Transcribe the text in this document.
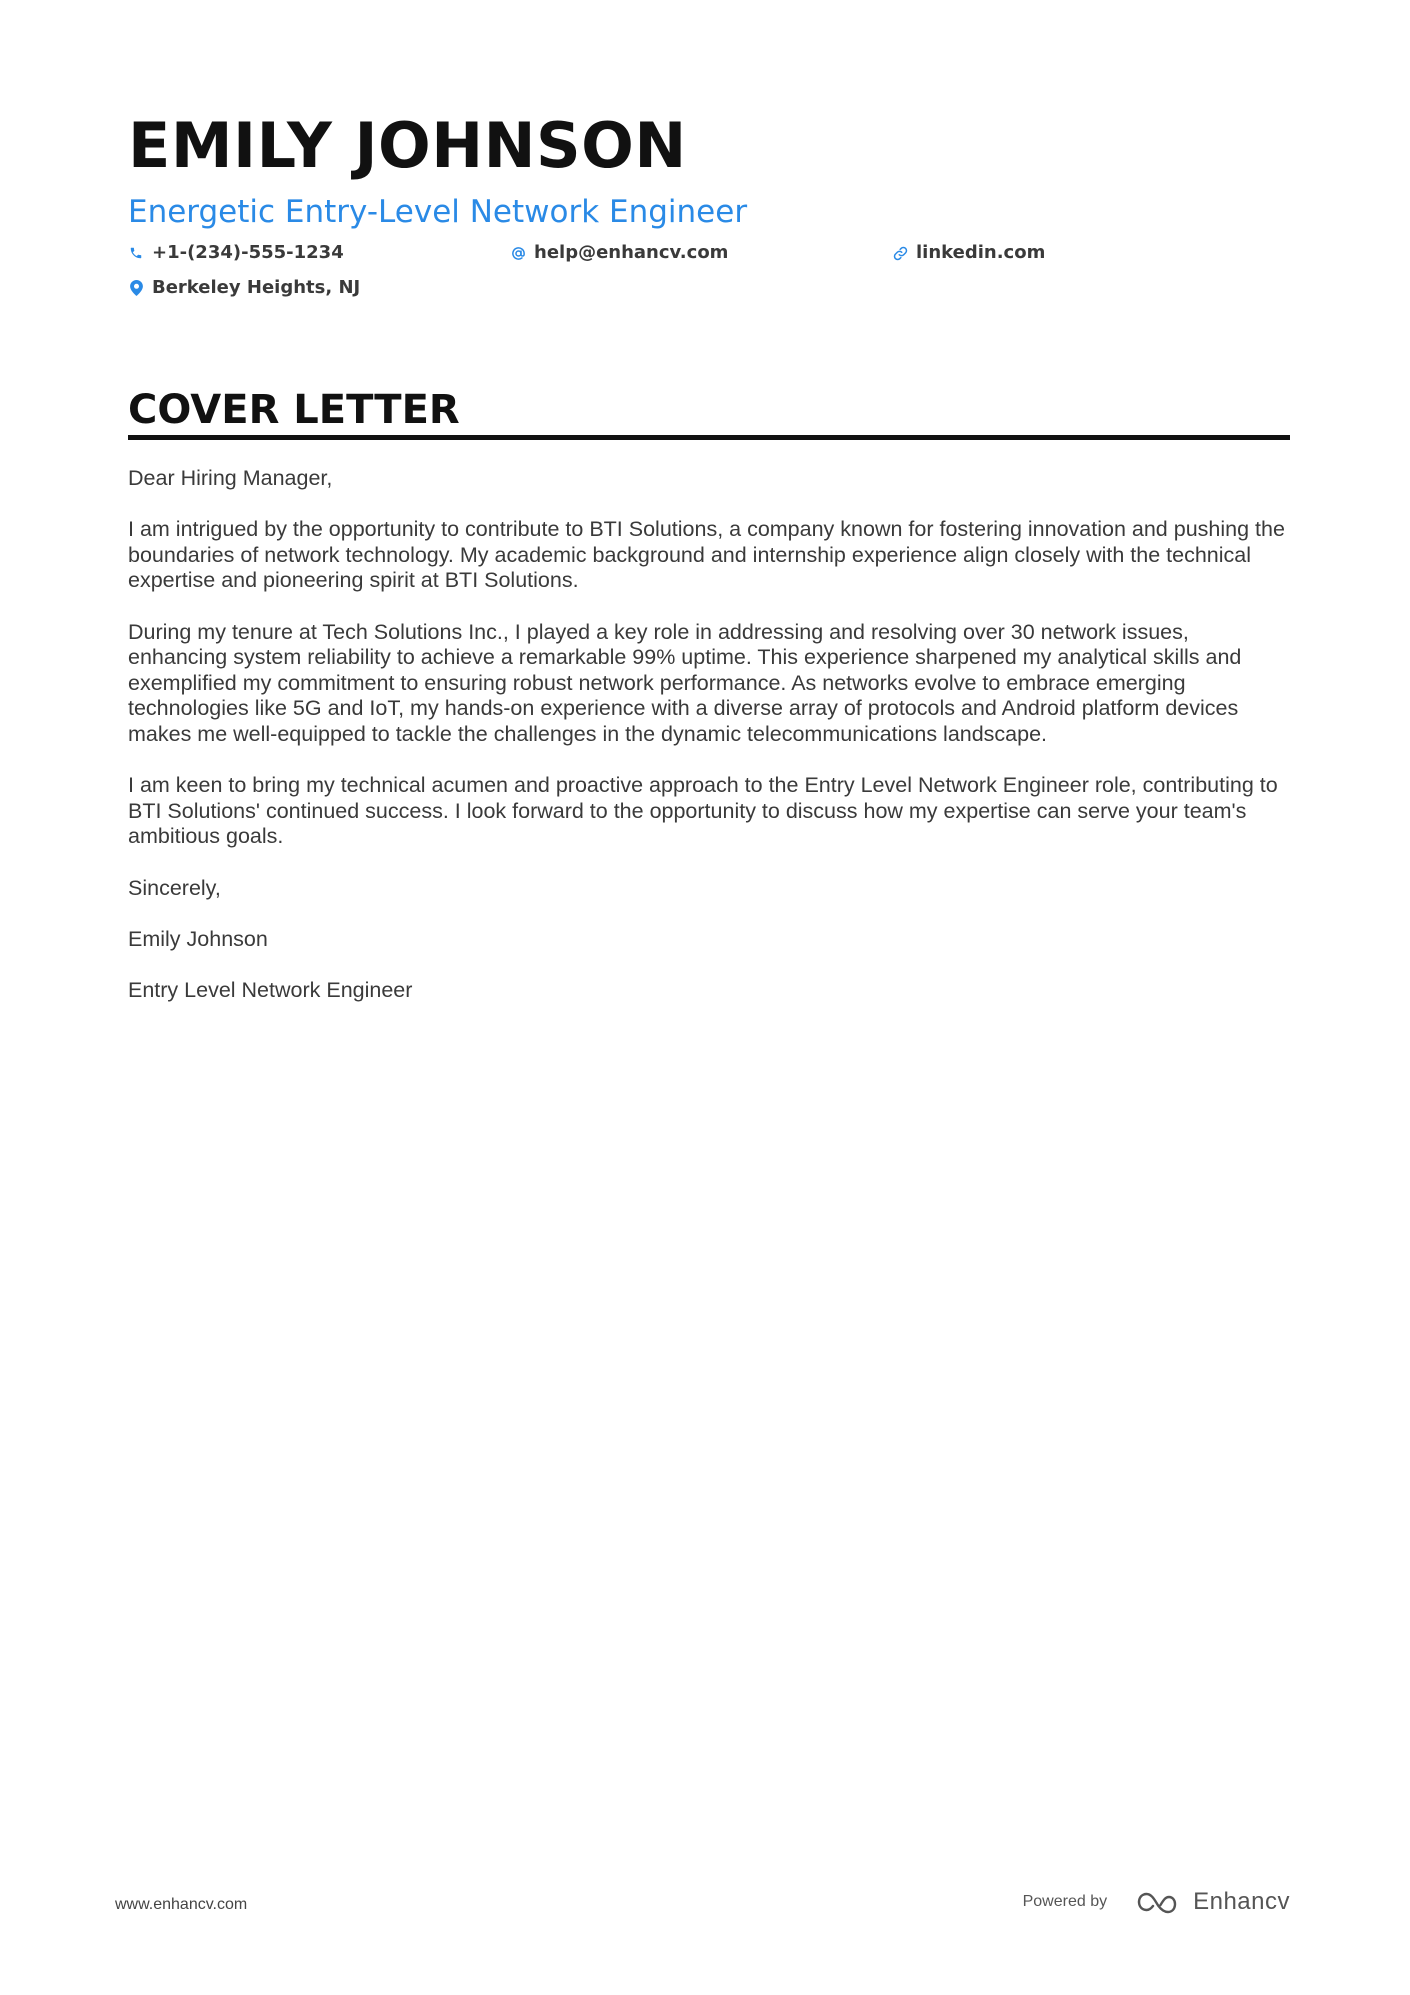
EMILY JOHNSON
Energetic Entry-Level Network Engineer
+1-(234)-555-1234	help@enhancv.com	linkedin.com
Berkeley Heights, NJ
COVER LETTER

Dear Hiring Manager,

I am intrigued by the opportunity to contribute to BTI Solutions, a company known for fostering innovation and pushing the boundaries of network technology. My academic background and internship experience align closely with the technical expertise and pioneering spirit at BTI Solutions.

During my tenure at Tech Solutions Inc., I played a key role in addressing and resolving over 30 network issues, enhancing system reliability to achieve a remarkable 99% uptime. This experience sharpened my analytical skills and exemplified my commitment to ensuring robust network performance. As networks evolve to embrace emerging technologies like 5G and IoT, my hands-on experience with a diverse array of protocols and Android platform devices makes me well-equipped to tackle the challenges in the dynamic telecommunications landscape.

I am keen to bring my technical acumen and proactive approach to the Entry Level Network Engineer role, contributing to BTI Solutions' continued success. I look forward to the opportunity to discuss how my expertise can serve your team's ambitious goals.

Sincerely,

Emily Johnson

Entry Level Network Engineer

www.enhancv.com	Powered by	Enhancv
